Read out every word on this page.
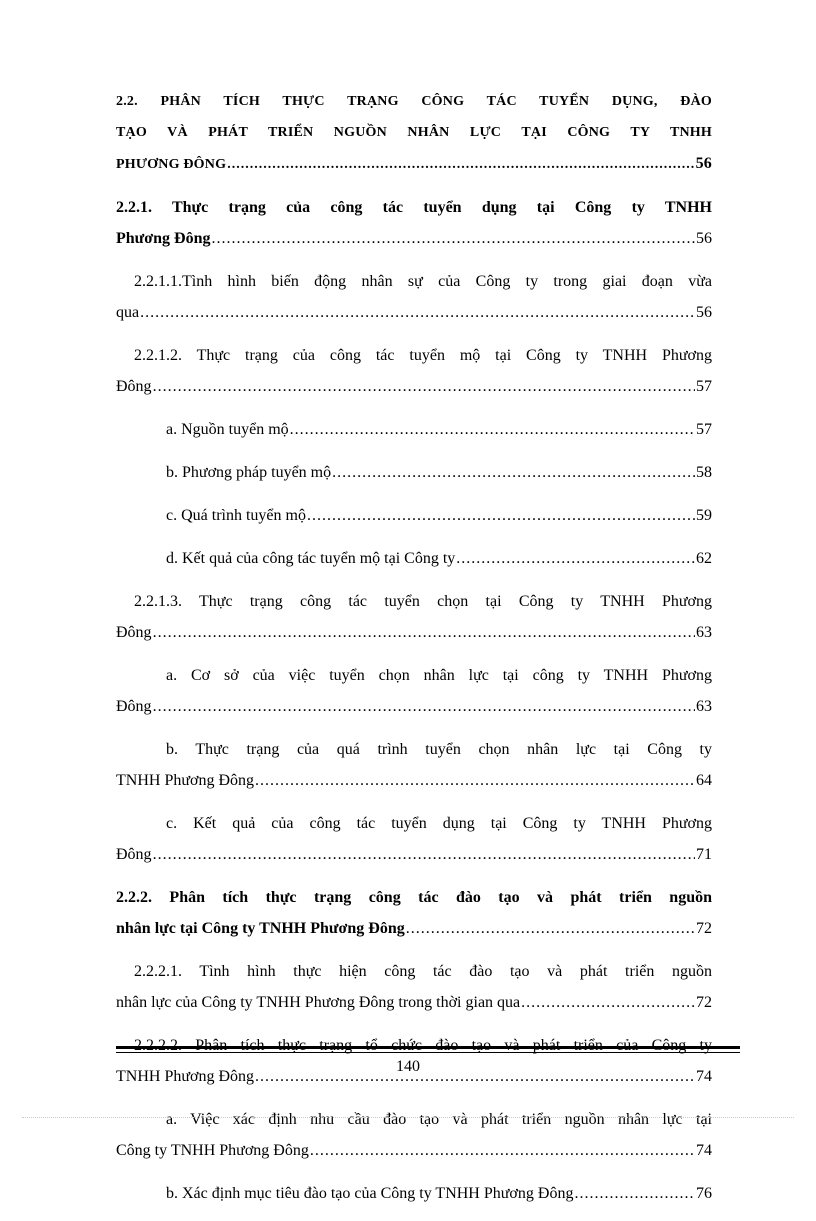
2.2. PHÂN TÍCH THỰC TRẠNG CÔNG TÁC TUYỂN DỤNG, ĐÀO
TẠO VÀ PHÁT TRIỂN NGUỒN NHÂN LỰC TẠI CÔNG TY TNHH
PHƯƠNG ĐÔNG .....	56
2.2.1. Thực trạng của công tác tuyển dụng tại Công ty TNHH
Phương Đông .....	56
2.2.1.1.Tình hình biến động nhân sự của Công ty trong giai đoạn vừa
qua .....	56
2.2.1.2. Thực trạng của công tác tuyển mộ tại Công ty TNHH Phương
Đông .....	57
a. Nguồn tuyển mộ .....	57
b. Phương pháp tuyển mộ .....	58
c. Quá trình tuyển mộ .....	59
d. Kết quả của công tác tuyển mộ tại Công ty .....	62
2.2.1.3. Thực trạng công tác tuyển chọn tại Công ty TNHH Phương
Đông .....	63
a. Cơ sở của việc tuyển chọn nhân lực tại công ty TNHH Phương
Đông .....	63
b. Thực trạng của quá trình tuyển chọn nhân lực tại Công ty
TNHH Phương Đông .....	64
c. Kết quả của công tác tuyển dụng tại Công ty TNHH Phương
Đông .....	71
2.2.2. Phân tích thực trạng công tác đào tạo và phát triển nguồn
nhân lực tại Công ty TNHH Phương Đông .....	72
2.2.2.1. Tình hình thực hiện công tác đào tạo và phát triển nguồn
nhân lực của Công ty TNHH Phương Đông trong thời gian qua .....	72
2.2.2.2. Phân tích thực trạng tổ chức đào tạo và phát triển của Công ty
TNHH Phương Đông .....	74
a. Việc xác định nhu cầu đào tạo và phát triển nguồn nhân lực tại
Công ty TNHH Phương Đông .....	74
b. Xác định mục tiêu đào tạo của Công ty TNHH Phương Đông .....	76
140
